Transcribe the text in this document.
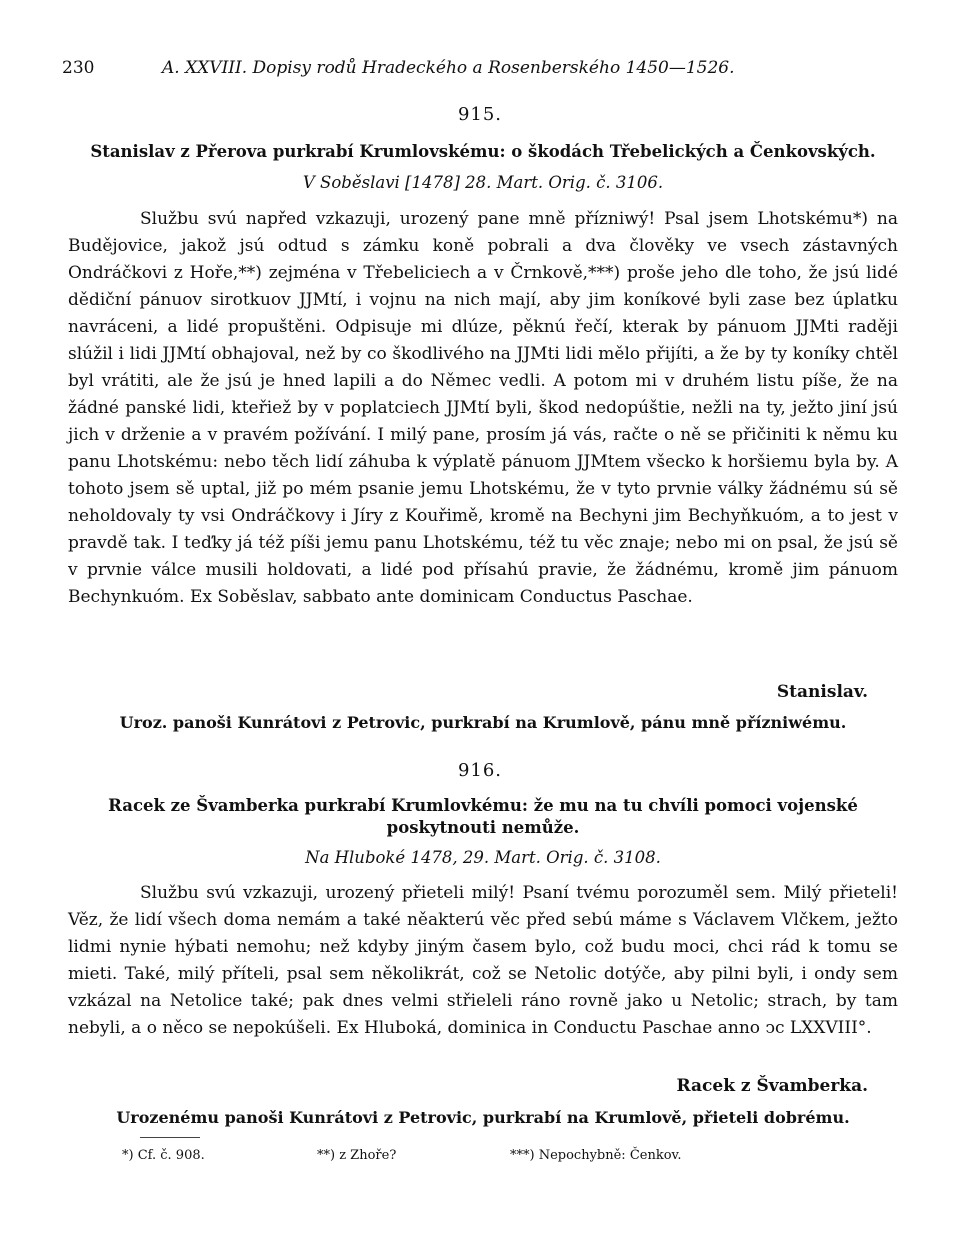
230	A. XXVIII. Dopisy rodů Hradeckého a Rosenberského 1450—1526.
915.
Stanislav z Přerova purkrabí Krumlovskému: o škodách Třebelických a Čenkovských.
V Soběslavi [1478] 28. Mart. Orig. č. 3106.
Službu svú napřed vzkazuji, urozený pane mně přízniwý! Psal jsem Lhotskému*) na Budějovice, jakož jsú odtud s zámku koně pobrali a dva člověky ve vsech zástavných Ondráčkovi z Hoře,**) zejména v Třebeliciech a v Črnkově,***) proše jeho dle toho, že jsú lidé dědiční pánuov sirotkuov JJMtí, i vojnu na nich mají, aby jim koníkové byli zase bez úplatku navráceni, a lidé propuštěni. Odpisuje mi dlúze, pěknú řečí, kterak by pánuom JJMti raději slúžil i lidi JJMtí obhajoval, než by co škodlivého na JJMti lidi mělo přijíti, a že by ty koníky chtěl byl vrátiti, ale že jsú je hned lapili a do Němec vedli. A potom mi v druhém listu píše, že na žádné panské lidi, kteřiež by v poplatciech JJMtí byli, škod nedopúštie, nežli na ty, ježto jiní jsú jich v drženie a v pravém požívání. I milý pane, prosím já vás, račte o ně se přičiniti k němu ku panu Lhotskému: nebo těch lidí záhuba k výplatě pánuom JJMtem všecko k horšiemu byla by. A tohoto jsem sě uptal, již po mém psanie jemu Lhotskému, že v tyto prvnie války žádnému sú sě neholdovaly ty vsi Ondráčkovy i Jíry z Kouřimě, kromě na Bechyni jim Bechyňkuóm, a to jest v pravdě tak. I teďky já též píši jemu panu Lhotskému, též tu věc znaje; nebo mi on psal, že jsú sě v prvnie válce musili holdovati, a lidé pod přísahú pravie, že žádnému, kromě jim pánuom Bechynkuóm. Ex Soběslav, sabbato ante dominicam Conductus Paschae.
Stanislav.
Uroz. panoši Kunrátovi z Petrovic, purkrabí na Krumlově, pánu mně přízniwému.
916.
Racek ze Švamberka purkrabí Krumlovkému: že mu na tu chvíli pomoci vojenské poskytnouti nemůže.
Na Hluboké 1478, 29. Mart. Orig. č. 3108.
Službu svú vzkazuji, urozený přieteli milý! Psaní tvému porozuměl sem. Milý přieteli! Věz, že lidí všech doma nemám a také něakterú věc před sebú máme s Václavem Vlčkem, ježto lidmi nynie hýbati nemohu; než kdyby jiným časem bylo, což budu moci, chci rád k tomu se mieti. Také, milý příteli, psal sem několikrát, což se Netolic dotýče, aby pilni byli, i ondy sem vzkázal na Netolice také; pak dnes velmi střieleli ráno rovně jako u Netolic; strach, by tam nebyli, a o něco se nepokúšeli. Ex Hluboká, dominica in Conductu Paschae anno ↄc LXXVIII°.
Racek z Švamberka.
Urozenému panoši Kunrátovi z Petrovic, purkrabí na Krumlově, přieteli dobrému.
*) Cf. č. 908.	**) z Zhoře?	***) Nepochybně: Čenkov.
